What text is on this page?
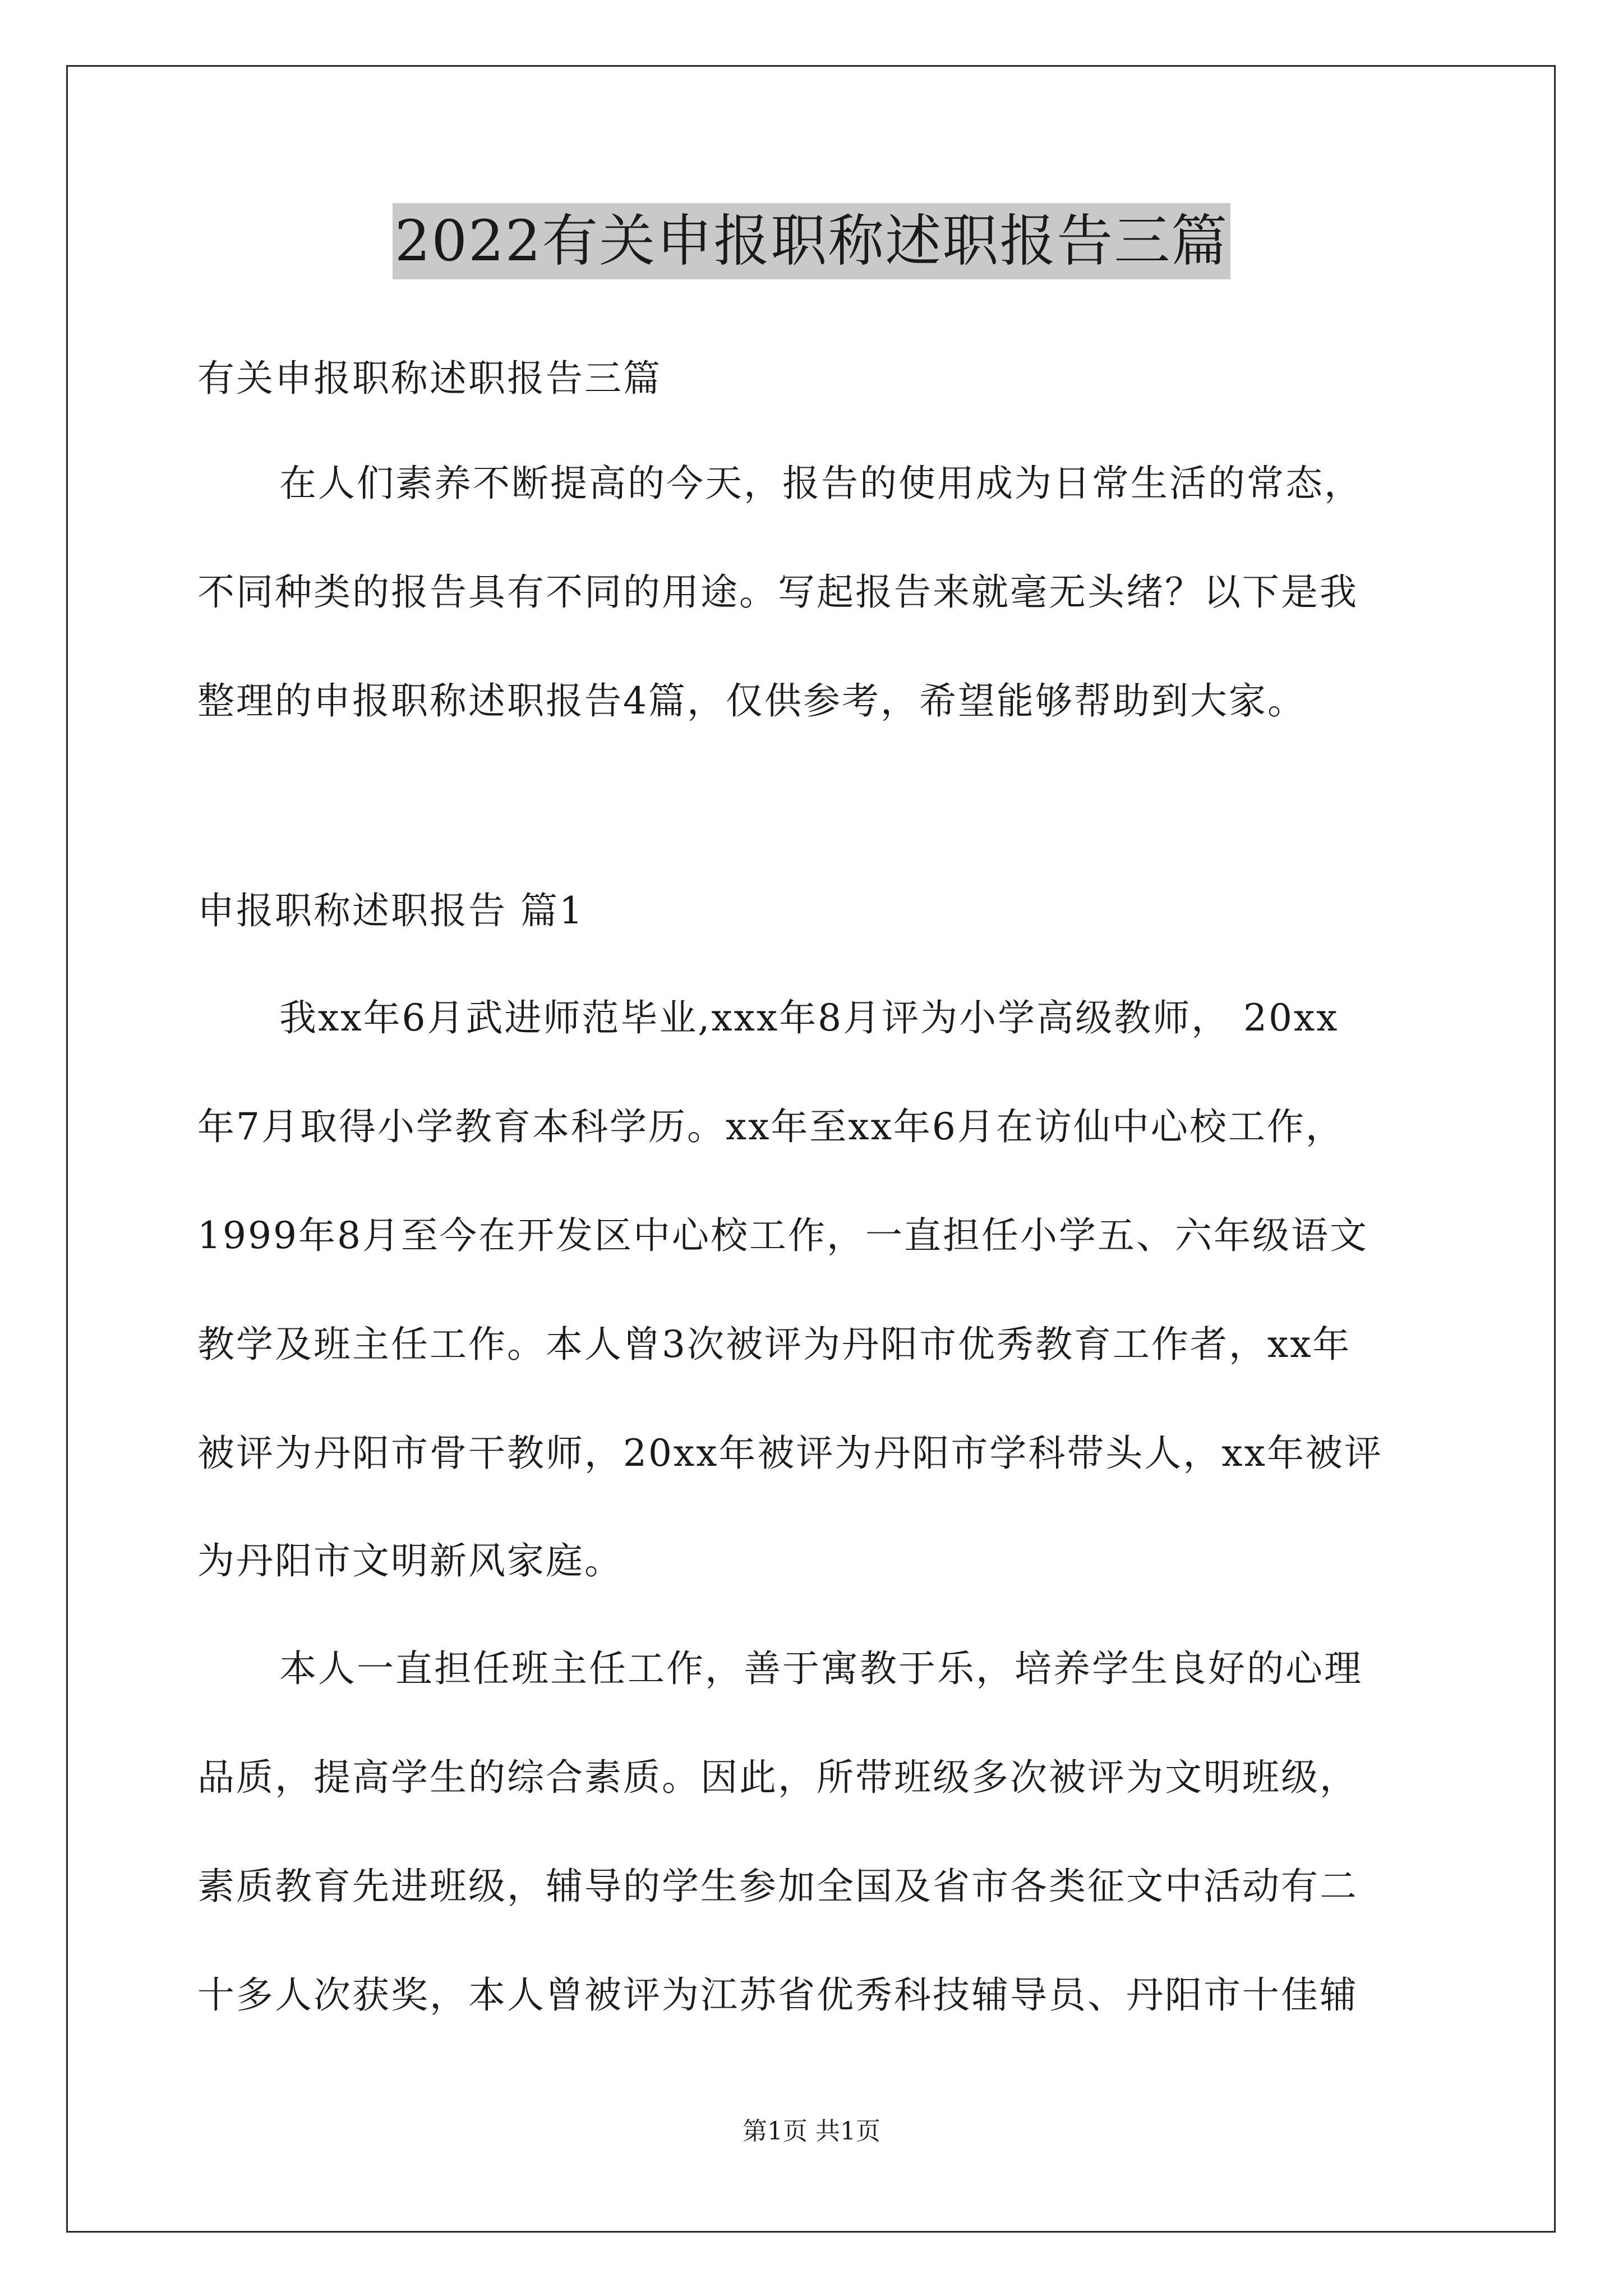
2022有关申报职称述职报告三篇
有关申报职称述职报告三篇
在人们素养不断提高的今天，报告的使用成为日常生活的常态，
不同种类的报告具有不同的用途。写起报告来就毫无头绪？以下是我
整理的申报职称述职报告4篇，仅供参考，希望能够帮助到大家。
申报职称述职报告 篇1
我xx年6月武进师范毕业,xxx年8月评为小学高级教师， 20xx
年7月取得小学教育本科学历。xx年至xx年6月在访仙中心校工作，
1999年8月至今在开发区中心校工作，一直担任小学五、六年级语文
教学及班主任工作。本人曾3次被评为丹阳市优秀教育工作者，xx年
被评为丹阳市骨干教师，20xx年被评为丹阳市学科带头人，xx年被评
为丹阳市文明新风家庭。
本人一直担任班主任工作，善于寓教于乐，培养学生良好的心理
品质，提高学生的综合素质。因此，所带班级多次被评为文明班级，
素质教育先进班级，辅导的学生参加全国及省市各类征文中活动有二
十多人次获奖，本人曾被评为江苏省优秀科技辅导员、丹阳市十佳辅
第1页 共1页
